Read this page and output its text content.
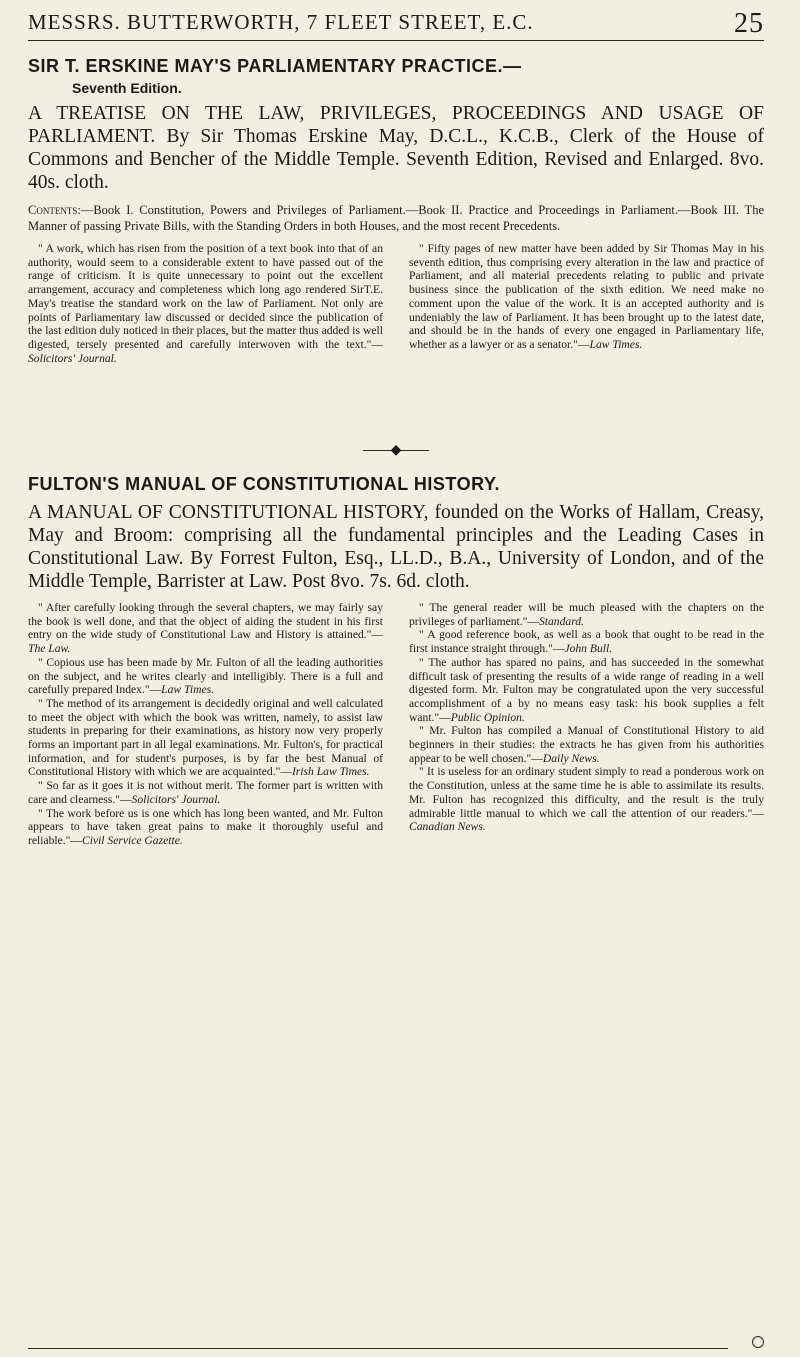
MESSRS. BUTTERWORTH, 7 FLEET STREET, E.C.	25
SIR T. ERSKINE MAY'S PARLIAMENTARY PRACTICE.—
Seventh Edition.

A TREATISE ON THE LAW, PRIVILEGES, PROCEEDINGS AND USAGE OF PARLIAMENT. By Sir Thomas Erskine May, D.C.L., K.C.B., Clerk of the House of Commons and Bencher of the Middle Temple. Seventh Edition, Revised and Enlarged. 8vo. 40s. cloth.

Contents:—Book I. Constitution, Powers and Privileges of Parliament.—Book II. Practice and Proceedings in Parliament.—Book III. The Manner of passing Private Bills, with the Standing Orders in both Houses, and the most recent Precedents.

" A work, which has risen from the position of a text book into that of an authority, would seem to a considerable extent to have passed out of the range of criticism. It is quite unnecessary to point out the excellent arrangement, accuracy and completeness which long ago rendered SirT.E. May's treatise the standard work on the law of Parliament. Not only are points of Parliamentary law discussed or decided since the publication of the last edition duly noticed in their places, but the matter thus added is well digested, tersely presented and carefully interwoven with the text."—Solicitors' Journal.

" Fifty pages of new matter have been added by Sir Thomas May in his seventh edition, thus comprising every alteration in the law and practice of Parliament, and all material precedents relating to public and private business since the publication of the sixth edition. We need make no comment upon the value of the work. It is an accepted authority and is undeniably the law of Parliament. It has been brought up to the latest date, and should be in the hands of every one engaged in Parliamentary life, whether as a lawyer or as a senator."—Law Times.

◆
FULTON'S MANUAL OF CONSTITUTIONAL HISTORY.

A MANUAL OF CONSTITUTIONAL HISTORY, founded on the Works of Hallam, Creasy, May and Broom: comprising all the fundamental principles and the Leading Cases in Constitutional Law. By Forrest Fulton, Esq., LL.D., B.A., University of London, and of the Middle Temple, Barrister at Law. Post 8vo. 7s. 6d. cloth.

" After carefully looking through the several chapters, we may fairly say the book is well done, and that the object of aiding the student in his first entry on the wide study of Constitutional Law and History is attained."—The Law.

" Copious use has been made by Mr. Fulton of all the leading authorities on the subject, and he writes clearly and intelligibly. There is a full and carefully prepared Index."—Law Times.

" The method of its arrangement is decidedly original and well calculated to meet the object with which the book was written, namely, to assist law students in preparing for their examinations, as history now very properly forms an important part in all legal examinations. Mr. Fulton's, for practical information, and for student's purposes, is by far the best Manual of Constitutional History with which we are acquainted."—Irish Law Times.

" So far as it goes it is not without merit. The former part is written with care and clearness."—Solicitors' Journal.

" The work before us is one which has long been wanted, and Mr. Fulton appears to have taken great pains to make it thoroughly useful and reliable."—Civil Service Gazette.

" The general reader will be much pleased with the chapters on the privileges of parliament."—Standard.

" A good reference book, as well as a book that ought to be read in the first instance straight through."—John Bull.

" The author has spared no pains, and has succeeded in the somewhat difficult task of presenting the results of a wide range of reading in a well digested form. Mr. Fulton may be congratulated upon the very successful accomplishment of a by no means easy task: his book supplies a felt want."—Public Opinion.

" Mr. Fulton has compiled a Manual of Constitutional History to aid beginners in their studies: the extracts he has given from his authorities appear to be well chosen."—Daily News.

" It is useless for an ordinary student simply to read a ponderous work on the Constitution, unless at the same time he is able to assimilate its results. Mr. Fulton has recognized this difficulty, and the result is the truly admirable little manual to which we call the attention of our readers."—Canadian News.
